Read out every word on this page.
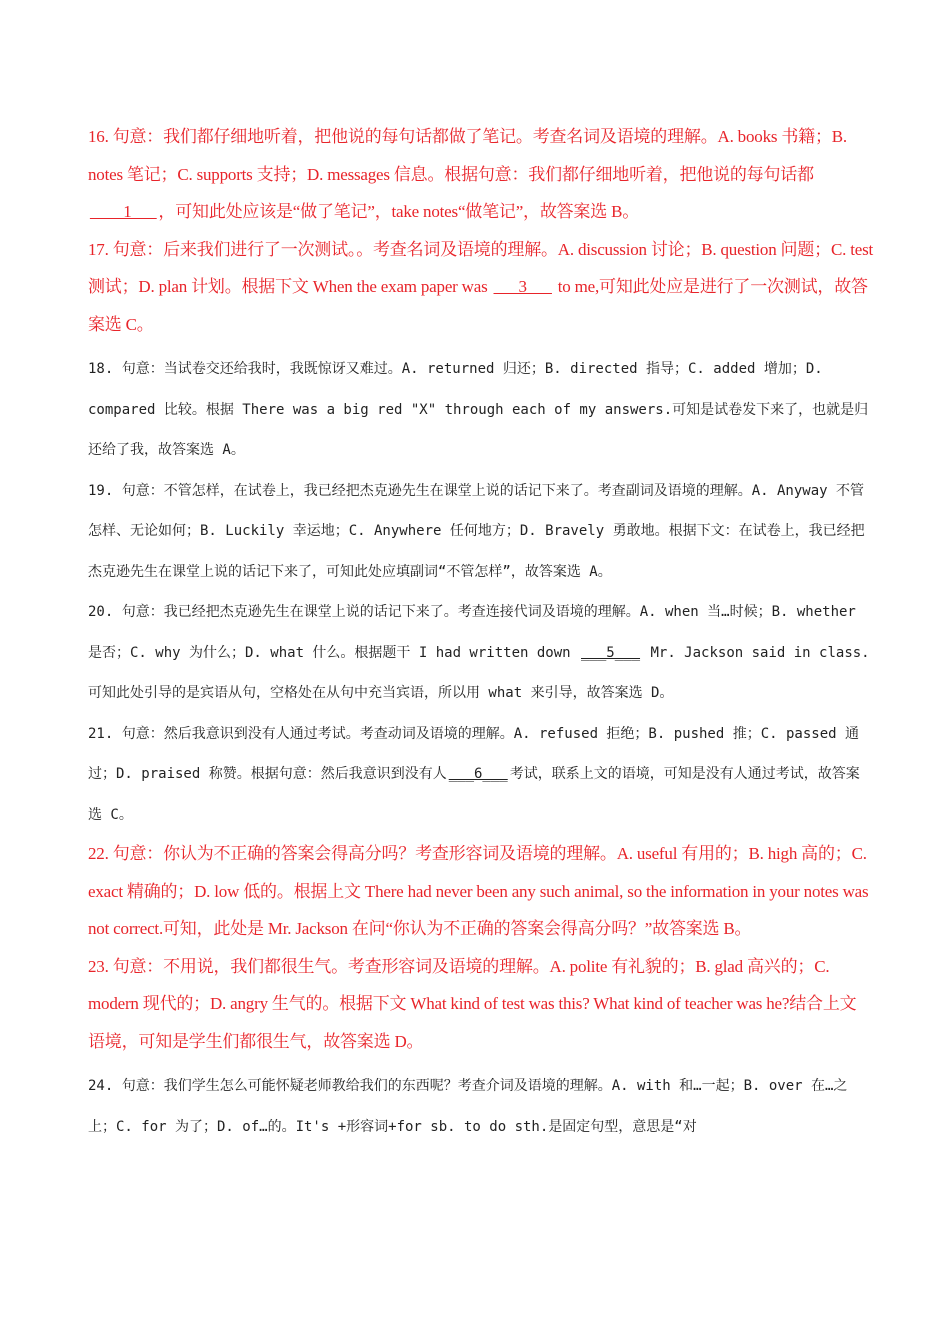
16. 句意：我们都仔细地听着，把他说的每句话都做了笔记。考查名词及语境的理解。A. books 书籍；B. notes 笔记；C. supports 支持；D. messages 信息。根据句意：我们都仔细地听着，把他说的每句话都____1___ ，可知此处应该是“做了笔记”，take notes“做笔记”，故答案选 B。

17. 句意：后来我们进行了一次测试。。考查名词及语境的理解。A. discussion 讨论；B. question 问题；C. test 测试；D. plan 计划。根据下文 When the exam paper was ___3___ to me,可知此处应是进行了一次测试，故答案选 C。

18. 句意：当试卷交还给我时，我既惊讶又难过。A. returned 归还；B. directed 指导；C. added 增加；D. compared 比较。根据 There was a big red "X" through each of my answers.可知是试卷发下来了，也就是归还给了我，故答案选 A。

19. 句意：不管怎样，在试卷上，我已经把杰克逊先生在课堂上说的话记下来了。考查副词及语境的理解。A. Anyway 不管怎样、无论如何；B. Luckily 幸运地；C. Anywhere 任何地方；D. Bravely 勇敢地。根据下文：在试卷上，我已经把杰克逊先生在课堂上说的话记下来了，可知此处应填副词“不管怎样”，故答案选 A。

20. 句意：我已经把杰克逊先生在课堂上说的话记下来了。考查连接代词及语境的理解。A. when 当…时候；B. whether 是否；C. why 为什么；D. what 什么。根据题干 I had written down ___5___ Mr. Jackson said in class.可知此处引导的是宾语从句，空格处在从句中充当宾语，所以用 what 来引导，故答案选 D。

21. 句意：然后我意识到没有人通过考试。考查动词及语境的理解。A. refused 拒绝；B. pushed 推；C. passed 通过；D. praised 称赞。根据句意：然后我意识到没有人 ___6___ 考试，联系上文的语境，可知是没有人通过考试，故答案选 C。

22. 句意：你认为不正确的答案会得高分吗？考查形容词及语境的理解。A. useful 有用的；B. high 高的；C. exact 精确的；D. low 低的。根据上文 There had never been any such animal, so the information in your notes was not correct.可知，此处是 Mr. Jackson 在问“你认为不正确的答案会得高分吗？”故答案选 B。

23. 句意：不用说，我们都很生气。考查形容词及语境的理解。A. polite 有礼貌的；B. glad 高兴的；C. modern 现代的；D. angry 生气的。根据下文 What kind of test was this? What kind of teacher was he?结合上文语境，可知是学生们都很生气，故答案选 D。

24. 句意：我们学生怎么可能怀疑老师教给我们的东西呢？考查介词及语境的理解。A. with 和…一起；B. over 在…之上；C. for 为了；D. of…的。It's +形容词+for sb. to do sth.是固定句型，意思是“对
